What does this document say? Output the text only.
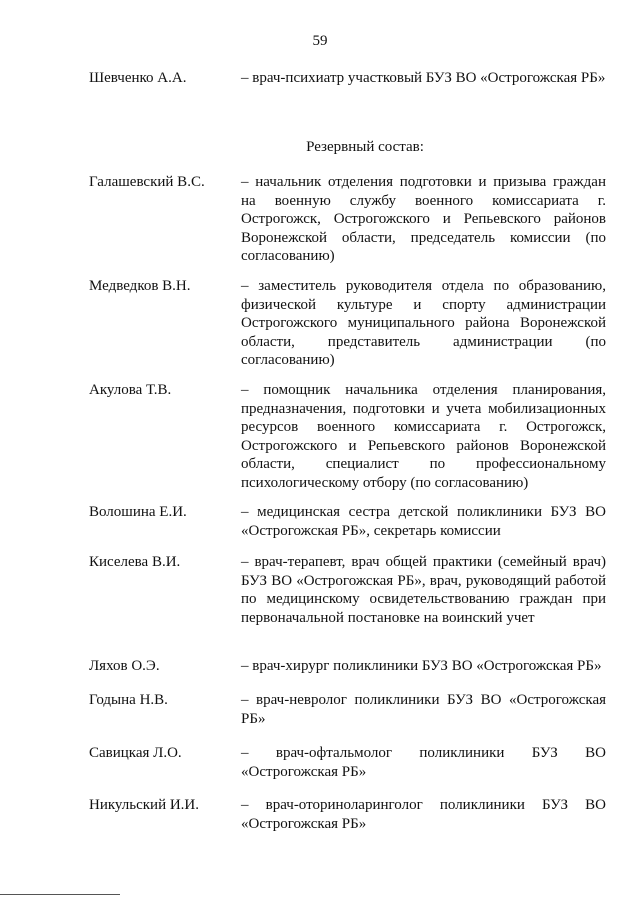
59
Шевченко А.А.	– врач-психиатр участковый БУЗ ВО «Острогожская РБ»
Резервный состав:
Галашевский В.С. – начальник отделения подготовки и призыва граждан на военную службу военного комиссариата г. Острогожск, Острогожского и Репьевского районов Воронежской области, председатель комиссии (по согласованию)
Медведков В.Н.	– заместитель руководителя отдела по образованию, физической культуре и спорту администрации Острогожского муниципального района Воронежской области, представитель администрации (по согласованию)
Акулова Т.В.	– помощник начальника отделения планирования, предназначения, подготовки и учета мобилизационных ресурсов военного комиссариата г. Острогожск, Острогожского и Репьевского районов Воронежской области, специалист по профессиональному психологическому отбору (по согласованию)
Волошина Е.И.	– медицинская сестра детской поликлиники БУЗ ВО «Острогожская РБ», секретарь комиссии
Киселева В.И.	– врач-терапевт, врач общей практики (семейный врач) БУЗ ВО «Острогожская РБ», врач, руководящий работой по медицинскому освидетельствованию граждан при первоначальной постановке на воинский учет
Ляхов О.Э.	– врач-хирург поликлиники БУЗ ВО «Острогожская РБ»
Годына Н.В.	– врач-невролог поликлиники БУЗ ВО «Острогожская РБ»
Савицкая Л.О.	– врач-офтальмолог поликлиники БУЗ ВО «Острогожская РБ»
Никульский И.И.	– врач-оториноларинголог поликлиники БУЗ ВО «Острогожская РБ»
